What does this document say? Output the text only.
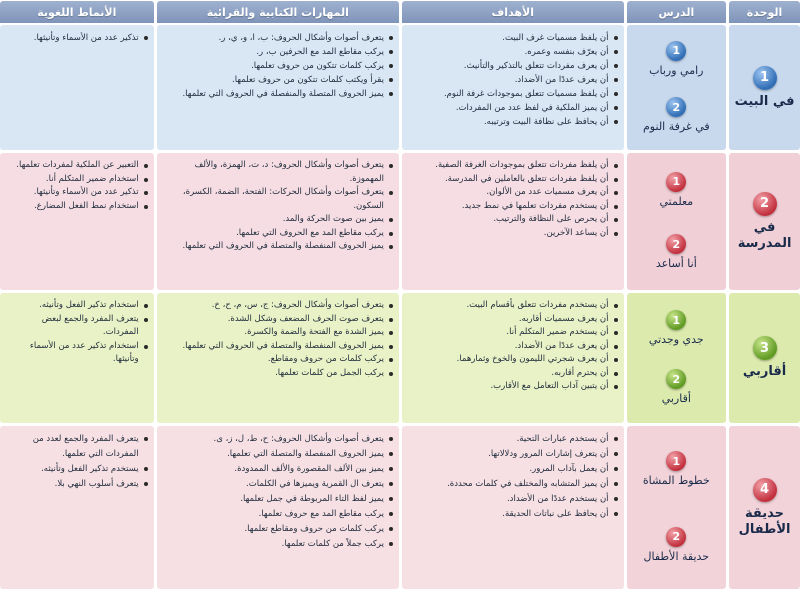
الوحدة
الدرس
الأهداف
المهارات الكتابية والقرائية
الأنماط اللغوية
1
في البيت
1
رامي ورباب
2
في غرفة النوم
أن يلفظ مسميات غرف البيت.
أن يعرّف بنفسه وعمره.
أن يعرف مفردات تتعلق بالتذكير والتأنيث.
أن يعرف عددًا من الأضداد.
أن يلفظ مسميات تتعلق بموجودات غرفة النوم.
أن يميز الملكية في لفظ عدد من المفردات.
أن يحافظ على نظافة البيت وترتيبه.
يتعرف أصوات وأشكال الحروف: ب، ا، و، ي، ر.
يركب مقاطع المد مع الحرفين ب، ر.
يركب كلمات تتكون من حروف تعلمها.
يقرأ ويكتب كلمات تتكون من حروف تعلمها.
يميز الحروف المتصلة والمنفصلة في الحروف التي تعلمها.
تذكير عدد من الأسماء وتأنيثها.
2
في
المدرسة
1
معلمتي
2
أنا أساعد
أن يلفظ مفردات تتعلق بموجودات الغرفة الصفية.
أن يلفظ مفردات تتعلق بالعاملين في المدرسة.
أن يعرف مسميات عدد من الألوان.
أن يستخدم مفردات تعلمها في نمط جديد.
أن يحرص على النظافة والترتيب.
أن يساعد الآخرين.
يتعرف أصوات وأشكال الحروف: د، ت، الهمزة، والألف المهموزة.
يتعرف أصوات وأشكال الحركات: الفتحة، الضمة، الكسرة، السكون.
يميز بين صوت الحركة والمد.
يركب مقاطع المد مع الحروف التي تعلمها.
يميز الحروف المنفصلة والمتصلة في الحروف التي تعلمها.
التعبير عن الملكية لمفردات تعلمها.
استخدام ضمير المتكلم أنا.
تذكير عدد من الأسماء وتأنيثها.
استخدام نمط الفعل المضارع.
3
أقاربي
1
جدي وجدتي
2
أقاربي
أن يستخدم مفردات تتعلق بأقسام البيت.
أن يعرف مسميات أقاربه.
أن يستخدم ضمير المتكلم أنا.
أن يعرف عددًا من الأضداد.
أن يعرف شجرتي الليمون والخوخ وثمارهما.
أن يحترم أقاربه.
أن يتبين آداب التعامل مع الأقارب.
يتعرف أصوات وأشكال الحروف: ج، س، م، ح، خ.
يتعرف صوت الحرف المضعف وشكل الشدة.
يميز الشدة مع الفتحة والضمة والكسرة.
يميز الحروف المنفصلة والمتصلة في الحروف التي تعلمها.
يركب كلمات من حروف ومقاطع.
يركب الجمل من كلمات تعلمها.
استخدام تذكير الفعل وتأنيثه.
يتعرف المفرد والجمع لبعض المفردات.
استخدام تذكير عدد من الأسماء وتأنيثها.
4
حديقة
الأطفال
1
خطوط المشاة
2
حديقة الأطفال
أن يستخدم عبارات التحية.
أن يتعرف إشارات المرور ودلالاتها.
أن يعمل بآداب المرور.
أن يميز المتشابه والمختلف في كلمات محددة.
أن يستخدم عددًا من الأضداد.
أن يحافظ على نباتات الحديقة.
يتعرف أصوات وأشكال الحروف: ح، ط، ل، ز، ى.
يميز الحروف المنفصلة والمتصلة التي تعلمها.
يميز بين الألف المقصورة والألف الممدودة.
يتعرف ال القمرية ويميزها في الكلمات.
يميز لفظ التاء المربوطة في جمل تعلمها.
يركب مقاطع المد مع حروف تعلمها.
يركب كلمات من حروف ومقاطع تعلمها.
يركب جملاً من كلمات تعلمها.
يتعرف المفرد والجمع لعدد من المفردات التي تعلمها.
يستخدم تذكير الفعل وتأنيثه.
يتعرف أسلوب النهي بلا.
